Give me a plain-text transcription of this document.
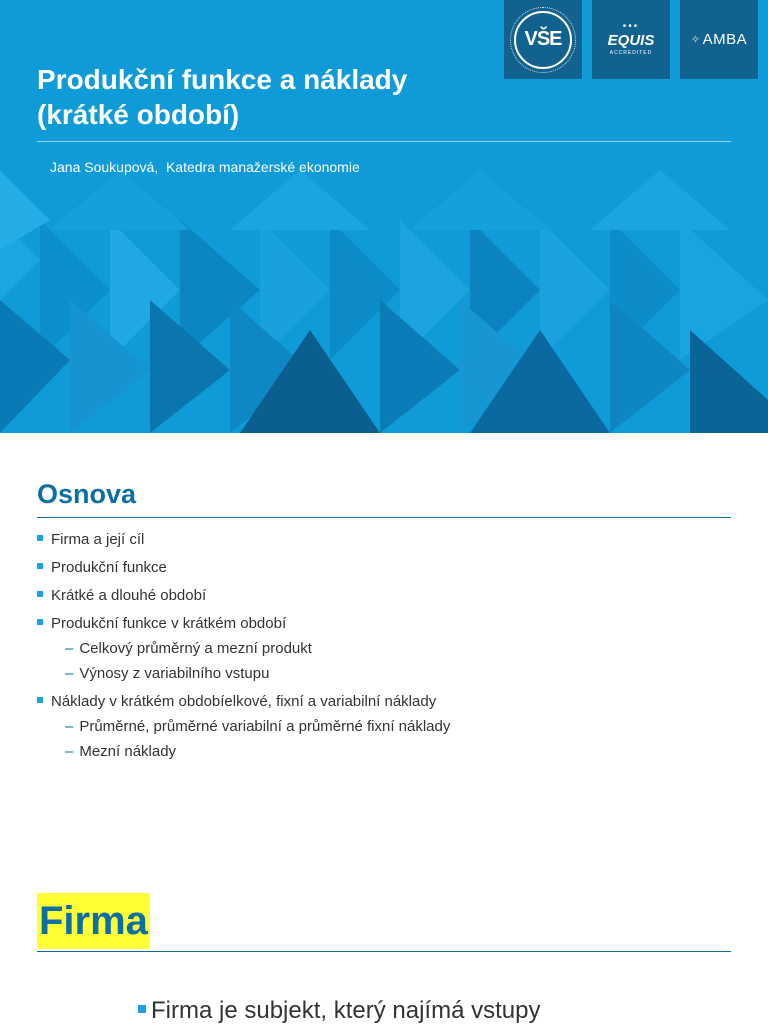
VŠE
•••
EQUIS
ACCREDITED
✧ AMBA
Produkční funkce a náklady
(krátké období)
Jana Soukupová,  Katedra manažerské ekonomie
Osnova
Firma a její cíl
Produkční funkce
Krátké a dlouhé období
Produkční funkce v krátkém období
– Celkový průměrný a mezní produkt
– Výnosy z variabilního vstupu
Náklady v krátkém obdobíelkové, fixní a variabilní náklady
– Průměrné, průměrné variabilní a průměrné fixní náklady
– Mezní náklady
Firma
Firma je subjekt, který najímá vstupy
